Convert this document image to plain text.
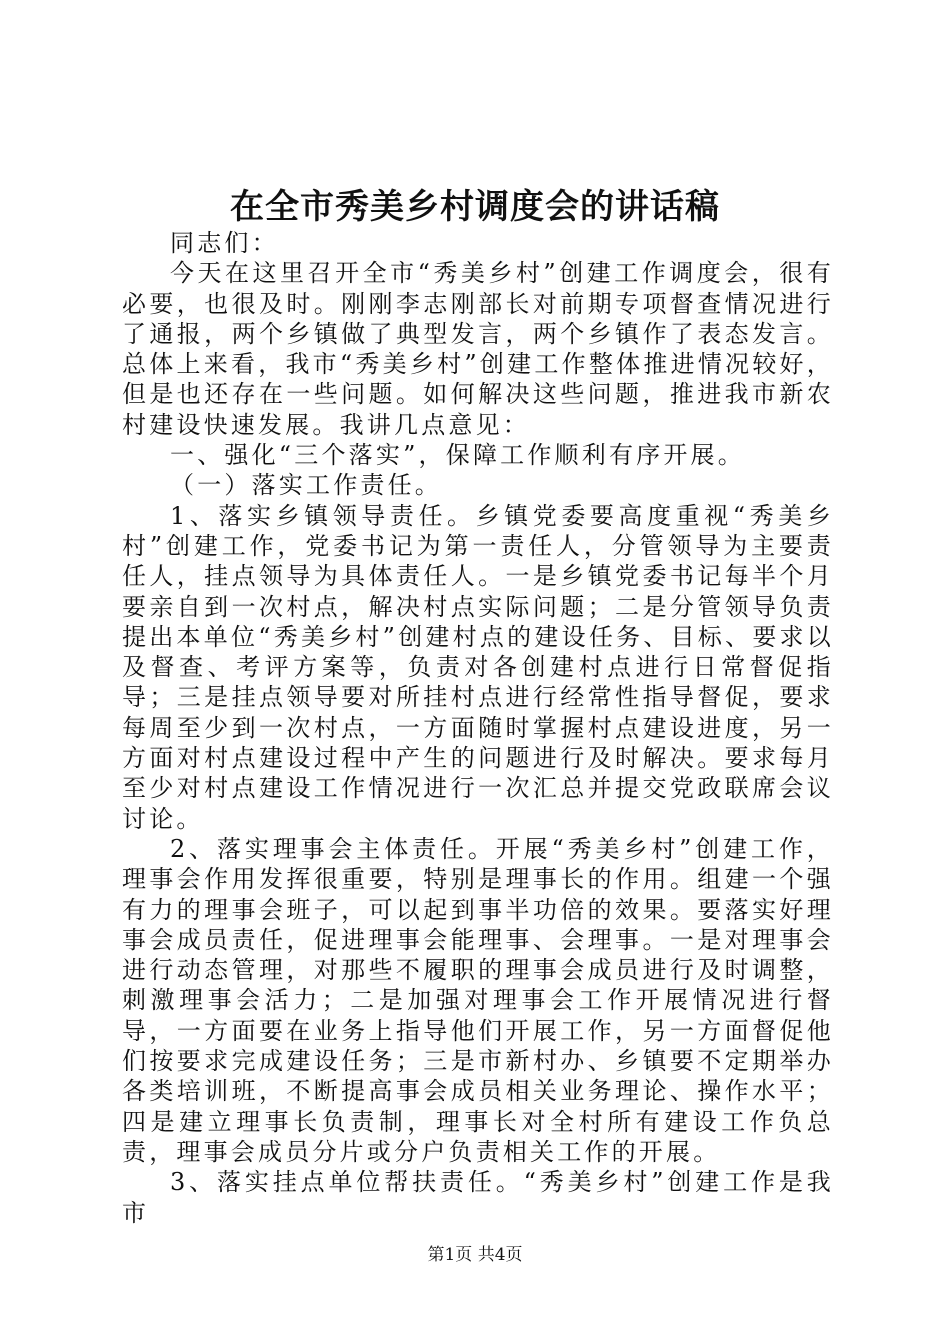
在全市秀美乡村调度会的讲话稿

同志们：

今天在这里召开全市“秀美乡村”创建工作调度会，很有必要，也很及时。刚刚李志刚部长对前期专项督查情况进行了通报，两个乡镇做了典型发言，两个乡镇作了表态发言。总体上来看，我市“秀美乡村”创建工作整体推进情况较好，但是也还存在一些问题。如何解决这些问题，推进我市新农村建设快速发展。我讲几点意见：

一、强化“三个落实”，保障工作顺利有序开展。

（一）落实工作责任。

1、落实乡镇领导责任。乡镇党委要高度重视“秀美乡村”创建工作，党委书记为第一责任人，分管领导为主要责任人，挂点领导为具体责任人。一是乡镇党委书记每半个月要亲自到一次村点，解决村点实际问题；二是分管领导负责提出本单位“秀美乡村”创建村点的建设任务、目标、要求以及督查、考评方案等，负责对各创建村点进行日常督促指导；三是挂点领导要对所挂村点进行经常性指导督促，要求每周至少到一次村点，一方面随时掌握村点建设进度，另一方面对村点建设过程中产生的问题进行及时解决。要求每月至少对村点建设工作情况进行一次汇总并提交党政联席会议讨论。

2、落实理事会主体责任。开展“秀美乡村”创建工作，理事会作用发挥很重要，特别是理事长的作用。组建一个强有力的理事会班子，可以起到事半功倍的效果。要落实好理事会成员责任，促进理事会能理事、会理事。一是对理事会进行动态管理，对那些不履职的理事会成员进行及时调整，刺激理事会活力；二是加强对理事会工作开展情况进行督导，一方面要在业务上指导他们开展工作，另一方面督促他们按要求完成建设任务；三是市新村办、乡镇要不定期举办各类培训班，不断提高事会成员相关业务理论、操作水平；四是建立理事长负责制，理事长对全村所有建设工作负总责，理事会成员分片或分户负责相关工作的开展。

3、落实挂点单位帮扶责任。“秀美乡村”创建工作是我市

第1页 共4页
